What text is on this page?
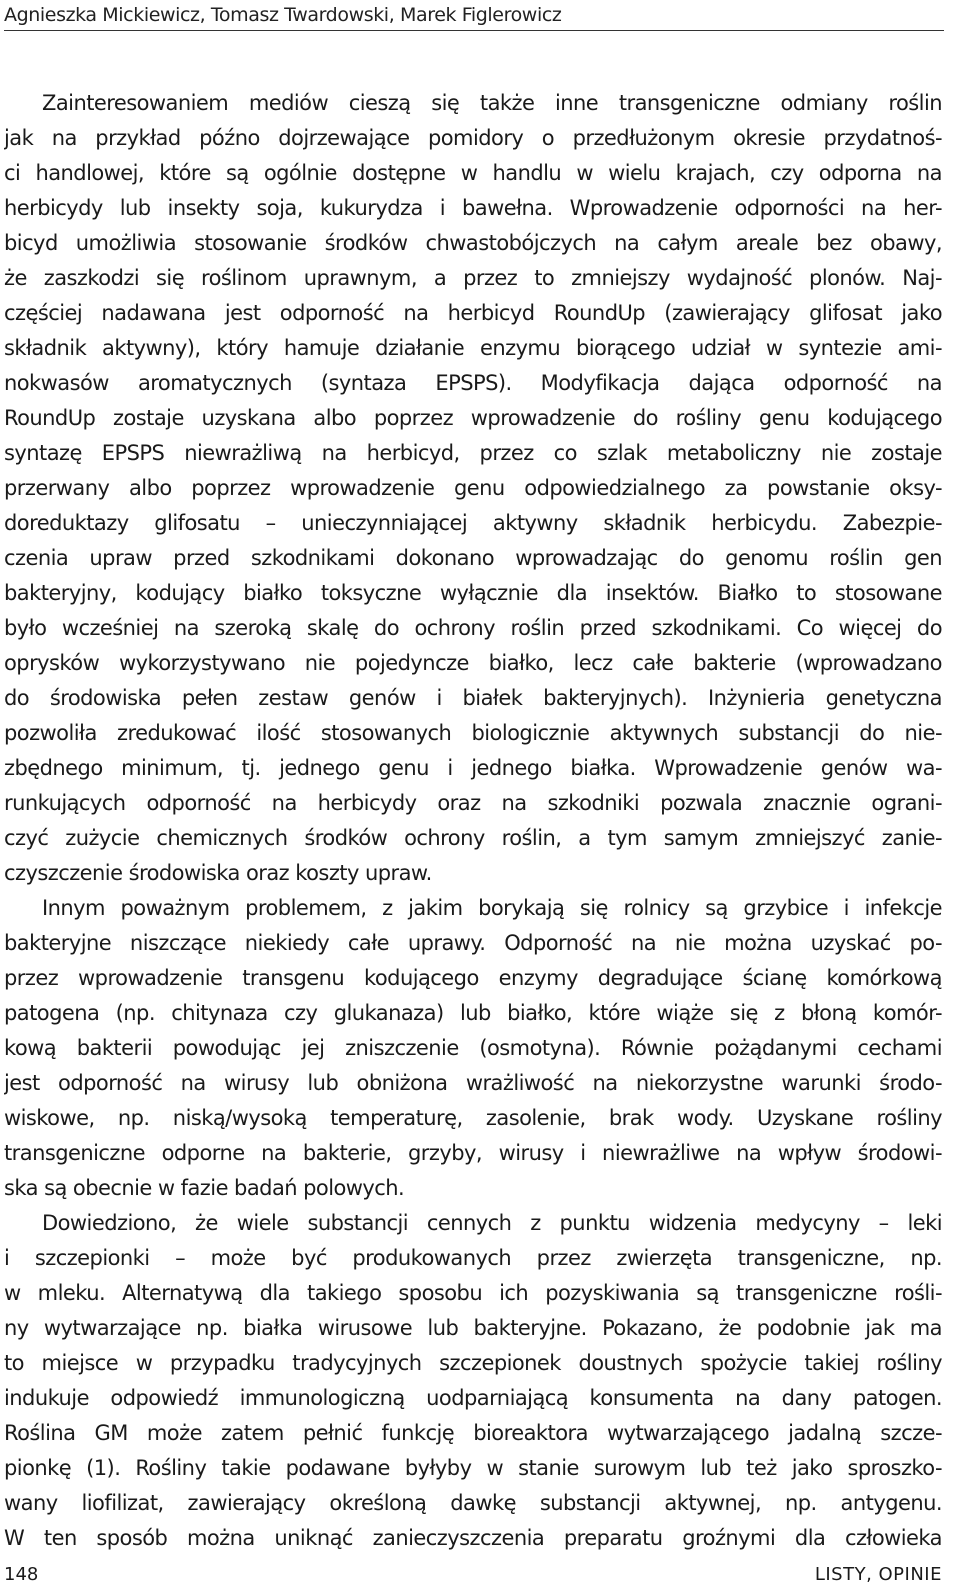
Agnieszka Mickiewicz, Tomasz Twardowski, Marek Figlerowicz
Zainteresowaniem mediów cieszą się także inne transgeniczne odmiany roślin
jak na przykład późno dojrzewające pomidory o przedłużonym okresie przydatnoś-
ci handlowej, które są ogólnie dostępne w handlu w wielu krajach, czy odporna na
herbicydy lub insekty soja, kukurydza i bawełna. Wprowadzenie odporności na her-
bicyd umożliwia stosowanie środków chwastobójczych na całym areale bez obawy,
że zaszkodzi się roślinom uprawnym, a przez to zmniejszy wydajność plonów. Naj-
częściej nadawana jest odporność na herbicyd RoundUp (zawierający glifosat jako
składnik aktywny), który hamuje działanie enzymu biorącego udział w syntezie ami-
nokwasów aromatycznych (syntaza EPSPS). Modyfikacja dająca odporność na
RoundUp zostaje uzyskana albo poprzez wprowadzenie do rośliny genu kodującego
syntazę EPSPS niewrażliwą na herbicyd, przez co szlak metaboliczny nie zostaje
przerwany albo poprzez wprowadzenie genu odpowiedzialnego za powstanie oksy-
doreduktazy glifosatu – unieczynniającej aktywny składnik herbicydu. Zabezpie-
czenia upraw przed szkodnikami dokonano wprowadzając do genomu roślin gen
bakteryjny, kodujący białko toksyczne wyłącznie dla insektów. Białko to stosowane
było wcześniej na szeroką skalę do ochrony roślin przed szkodnikami. Co więcej do
oprysków wykorzystywano nie pojedyncze białko, lecz całe bakterie (wprowadzano
do środowiska pełen zestaw genów i białek bakteryjnych). Inżynieria genetyczna
pozwoliła zredukować ilość stosowanych biologicznie aktywnych substancji do nie-
zbędnego minimum, tj. jednego genu i jednego białka. Wprowadzenie genów wa-
runkujących odporność na herbicydy oraz na szkodniki pozwala znacznie ograni-
czyć zużycie chemicznych środków ochrony roślin, a tym samym zmniejszyć zanie-
czyszczenie środowiska oraz koszty upraw.
Innym poważnym problemem, z jakim borykają się rolnicy są grzybice i infekcje
bakteryjne niszczące niekiedy całe uprawy. Odporność na nie można uzyskać po-
przez wprowadzenie transgenu kodującego enzymy degradujące ścianę komórkową
patogena (np. chitynaza czy glukanaza) lub białko, które wiąże się z błoną komór-
kową bakterii powodując jej zniszczenie (osmotyna). Równie pożądanymi cechami
jest odporność na wirusy lub obniżona wrażliwość na niekorzystne warunki środo-
wiskowe, np. niską/wysoką temperaturę, zasolenie, brak wody. Uzyskane rośliny
transgeniczne odporne na bakterie, grzyby, wirusy i niewrażliwe na wpływ środowi-
ska są obecnie w fazie badań polowych.
Dowiedziono, że wiele substancji cennych z punktu widzenia medycyny – leki
i szczepionki – może być produkowanych przez zwierzęta transgeniczne, np.
w mleku. Alternatywą dla takiego sposobu ich pozyskiwania są transgeniczne rośli-
ny wytwarzające np. białka wirusowe lub bakteryjne. Pokazano, że podobnie jak ma
to miejsce w przypadku tradycyjnych szczepionek doustnych spożycie takiej rośliny
indukuje odpowiedź immunologiczną uodparniającą konsumenta na dany patogen.
Roślina GM może zatem pełnić funkcję bioreaktora wytwarzającego jadalną szcze-
pionkę (1). Rośliny takie podawane byłyby w stanie surowym lub też jako sproszko-
wany liofilizat, zawierający określoną dawkę substancji aktywnej, np. antygenu.
W ten sposób można uniknąć zanieczyszczenia preparatu groźnymi dla człowieka
148	LISTY, OPINIE
